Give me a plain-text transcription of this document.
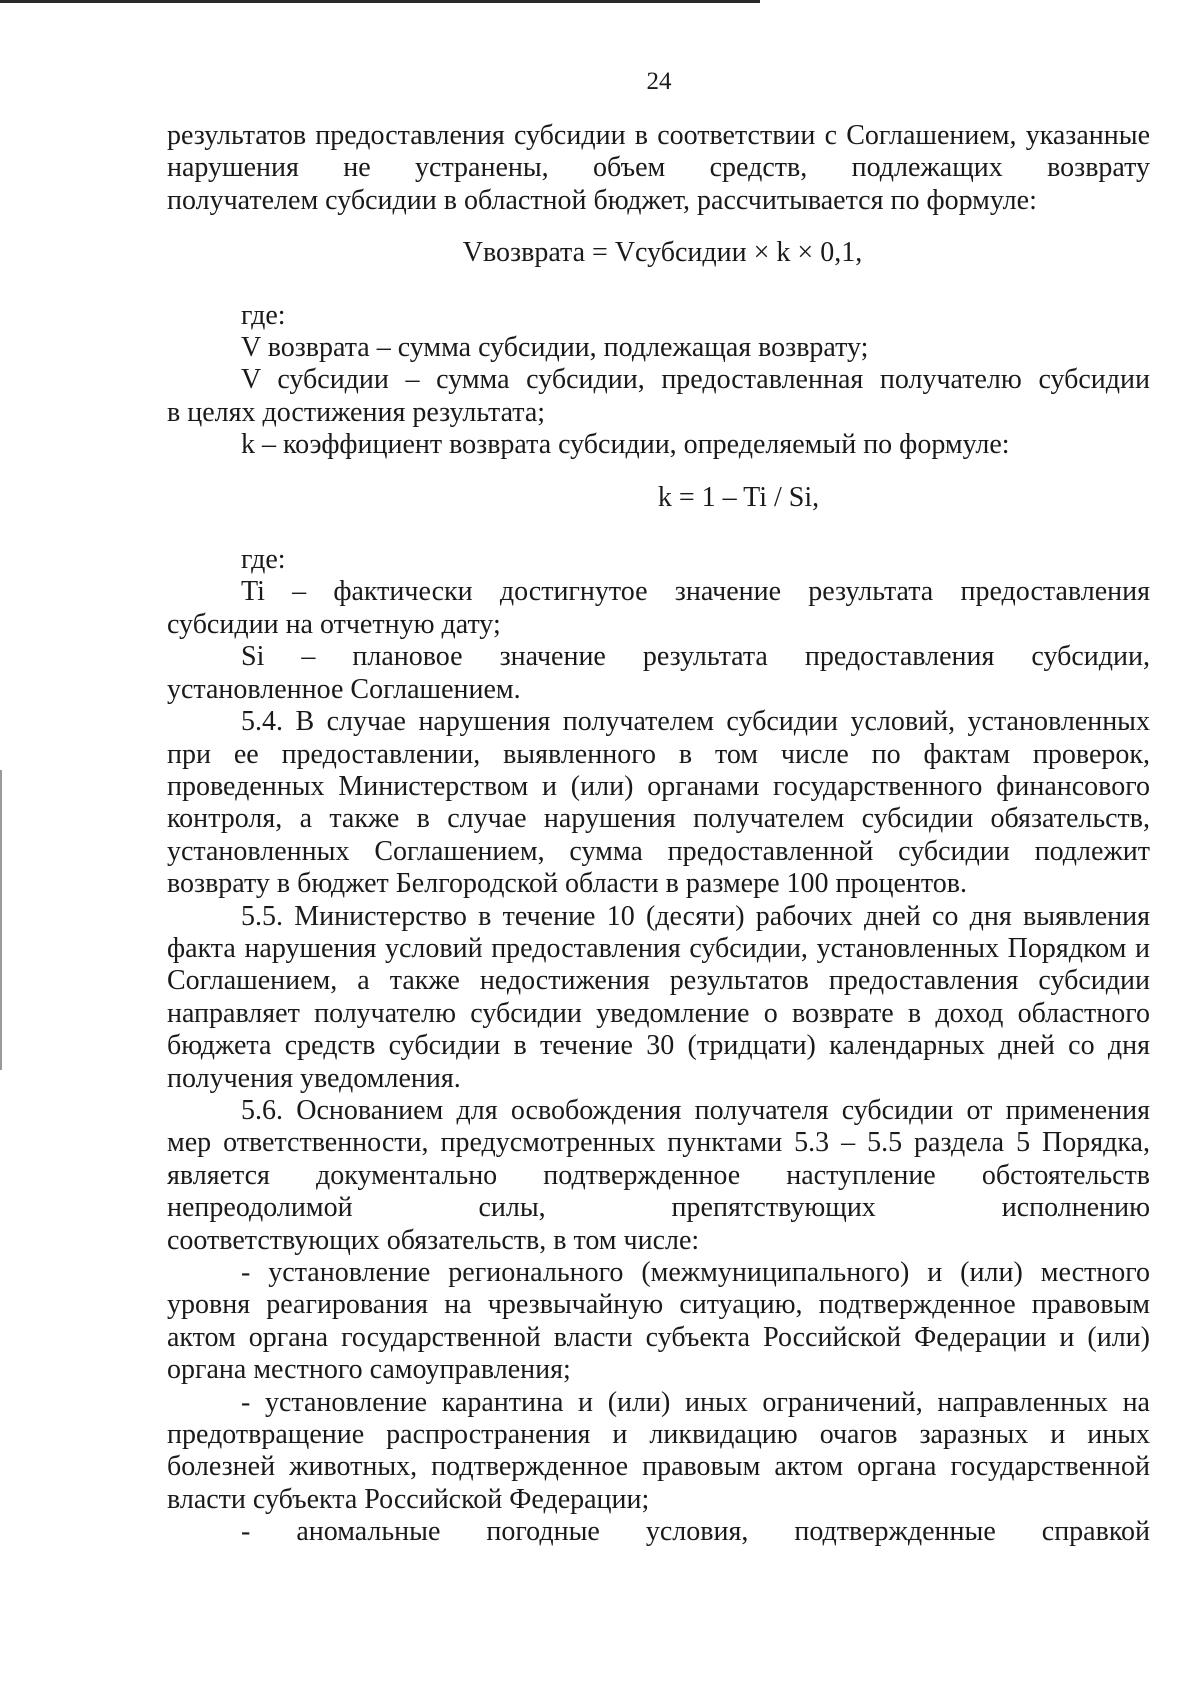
24

результатов предоставления субсидии в соответствии с Соглашением, указанные нарушения не устранены, объем средств, подлежащих возврату

получателем субсидии в областной бюджет, рассчитывается по формуле:

Vвозврата = Vсубсидии × k × 0,1,

где:

V возврата – сумма субсидии, подлежащая возврату;

V субсидии – сумма субсидии, предоставленная получателю субсидии

в целях достижения результата;

k – коэффициент возврата субсидии, определяемый по формуле:

k = 1 – Ti / Si,

где:

Ti – фактически достигнутое значение результата предоставления

субсидии на отчетную дату;

Si – плановое значение результата предоставления субсидии,

установленное Соглашением.

5.4. В случае нарушения получателем субсидии условий, установленных при ее предоставлении, выявленного в том числе по фактам проверок, проведенных Министерством и (или) органами государственного финансового контроля, а также в случае нарушения получателем субсидии обязательств, установленных Соглашением, сумма предоставленной субсидии подлежит

возврату в бюджет Белгородской области в размере 100 процентов.

5.5. Министерство в течение 10 (десяти) рабочих дней со дня выявления факта нарушения условий предоставления субсидии, установленных Порядком и Соглашением, а также недостижения результатов предоставления субсидии направляет получателю субсидии уведомление о возврате в доход областного бюджета средств субсидии в течение 30 (тридцати) календарных дней со дня получения уведомления.

5.6. Основанием для освобождения получателя субсидии от применения мер ответственности, предусмотренных пунктами 5.3 – 5.5 раздела 5 Порядка, является документально подтвержденное наступление обстоятельств непреодолимой силы, препятствующих исполнению

соответствующих обязательств, в том числе:

- установление регионального (межмуниципального) и (или) местного уровня реагирования на чрезвычайную ситуацию, подтвержденное правовым актом органа государственной власти субъекта Российской Федерации и (или) органа местного самоуправления;

- установление карантина и (или) иных ограничений, направленных на предотвращение распространения и ликвидацию очагов заразных и иных болезней животных, подтвержденное правовым актом органа государственной власти субъекта Российской Федерации;

- аномальные погодные условия, подтвержденные справкой
